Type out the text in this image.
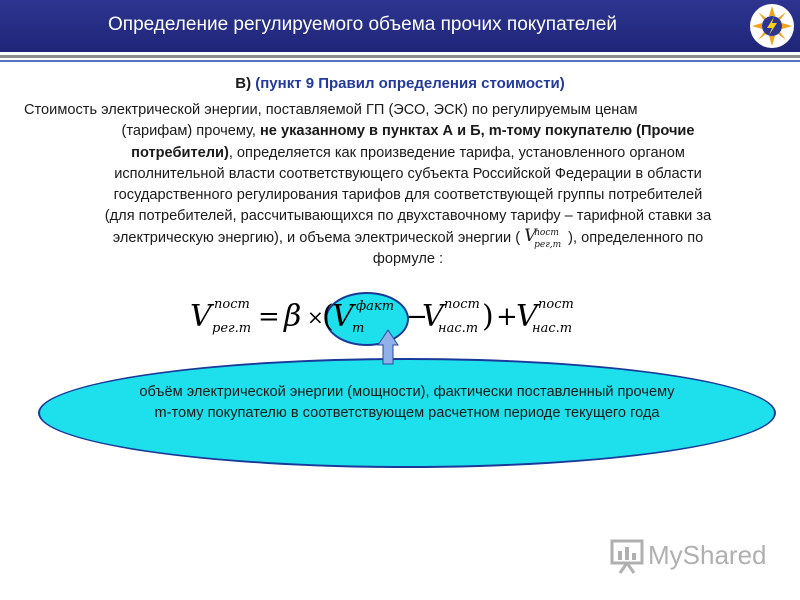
Определение регулируемого объема прочих покупателей
В) (пункт 9 Правил определения стоимости)
Стоимость электрической энергии, поставляемой ГП (ЭСО, ЭСК) по регулируемым ценам
(тарифам) прочему, не указанному в пунктах А и Б, m-тому покупателю (Прочие
потребители), определяется как произведение тарифа, установленного органом
исполнительной власти соответствующего субъекта Российской Федерации в области
государственного регулирования тарифов для соответствующей группы потребителей
(для потребителей, рассчитывающихся по двухставочному тарифу – тарифной ставки за
электрическую энергию), и объема электрической энергии ( V
пост
рег,m ), определенного по
формуле :
V пост
рег.m = β ×
(
V факт
m −
V пост
нас.m ) +
V пост
нас.m
объём электрической энергии (мощности), фактически поставленный прочему
m-тому покупателю в соответствующем расчетном периоде текущего года
MyShared
